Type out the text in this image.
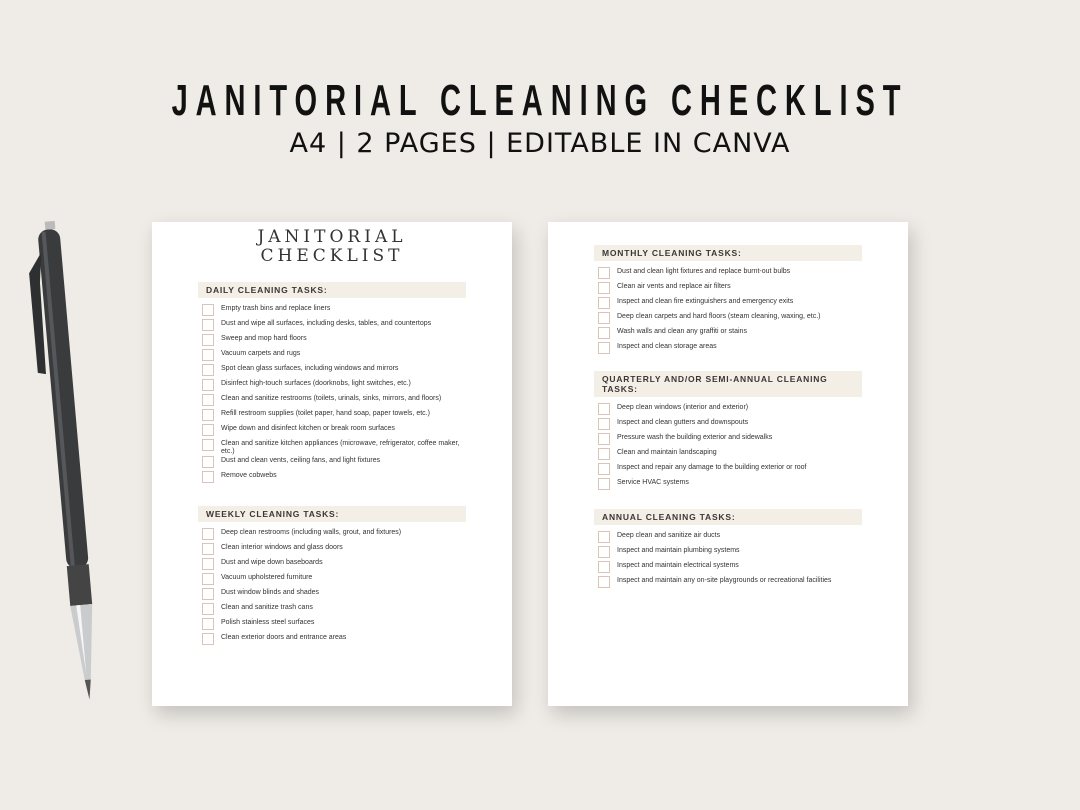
JANITORIAL CLEANING CHECKLIST
A4 | 2 PAGES | EDITABLE IN CANVA
JANITORIAL
CHECKLIST
DAILY CLEANING TASKS:
Empty trash bins and replace liners
Dust and wipe all surfaces, including desks, tables, and countertops
Sweep and mop hard floors
Vacuum carpets and rugs
Spot clean glass surfaces, including windows and mirrors
Disinfect high-touch surfaces (doorknobs, light switches, etc.)
Clean and sanitize restrooms (toilets, urinals, sinks, mirrors, and floors)
Refill restroom supplies (toilet paper, hand soap, paper towels, etc.)
Wipe down and disinfect kitchen or break room surfaces
Clean and sanitize kitchen appliances (microwave, refrigerator, coffee maker, etc.)
Dust and clean vents, ceiling fans, and light fixtures
Remove cobwebs
WEEKLY CLEANING TASKS:
Deep clean restrooms (including walls, grout, and fixtures)
Clean interior windows and glass doors
Dust and wipe down baseboards
Vacuum upholstered furniture
Dust window blinds and shades
Clean and sanitize trash cans
Polish stainless steel surfaces
Clean exterior doors and entrance areas
MONTHLY CLEANING TASKS:
Dust and clean light fixtures and replace burnt-out bulbs
Clean air vents and replace air filters
Inspect and clean fire extinguishers and emergency exits
Deep clean carpets and hard floors (steam cleaning, waxing, etc.)
Wash walls and clean any graffiti or stains
Inspect and clean storage areas
QUARTERLY AND/OR SEMI-ANNUAL CLEANING TASKS:
Deep clean windows (interior and exterior)
Inspect and clean gutters and downspouts
Pressure wash the building exterior and sidewalks
Clean and maintain landscaping
Inspect and repair any damage to the building exterior or roof
Service HVAC systems
ANNUAL CLEANING TASKS:
Deep clean and sanitize air ducts
Inspect and maintain plumbing systems
Inspect and maintain electrical systems
Inspect and maintain any on-site playgrounds or recreational facilities
